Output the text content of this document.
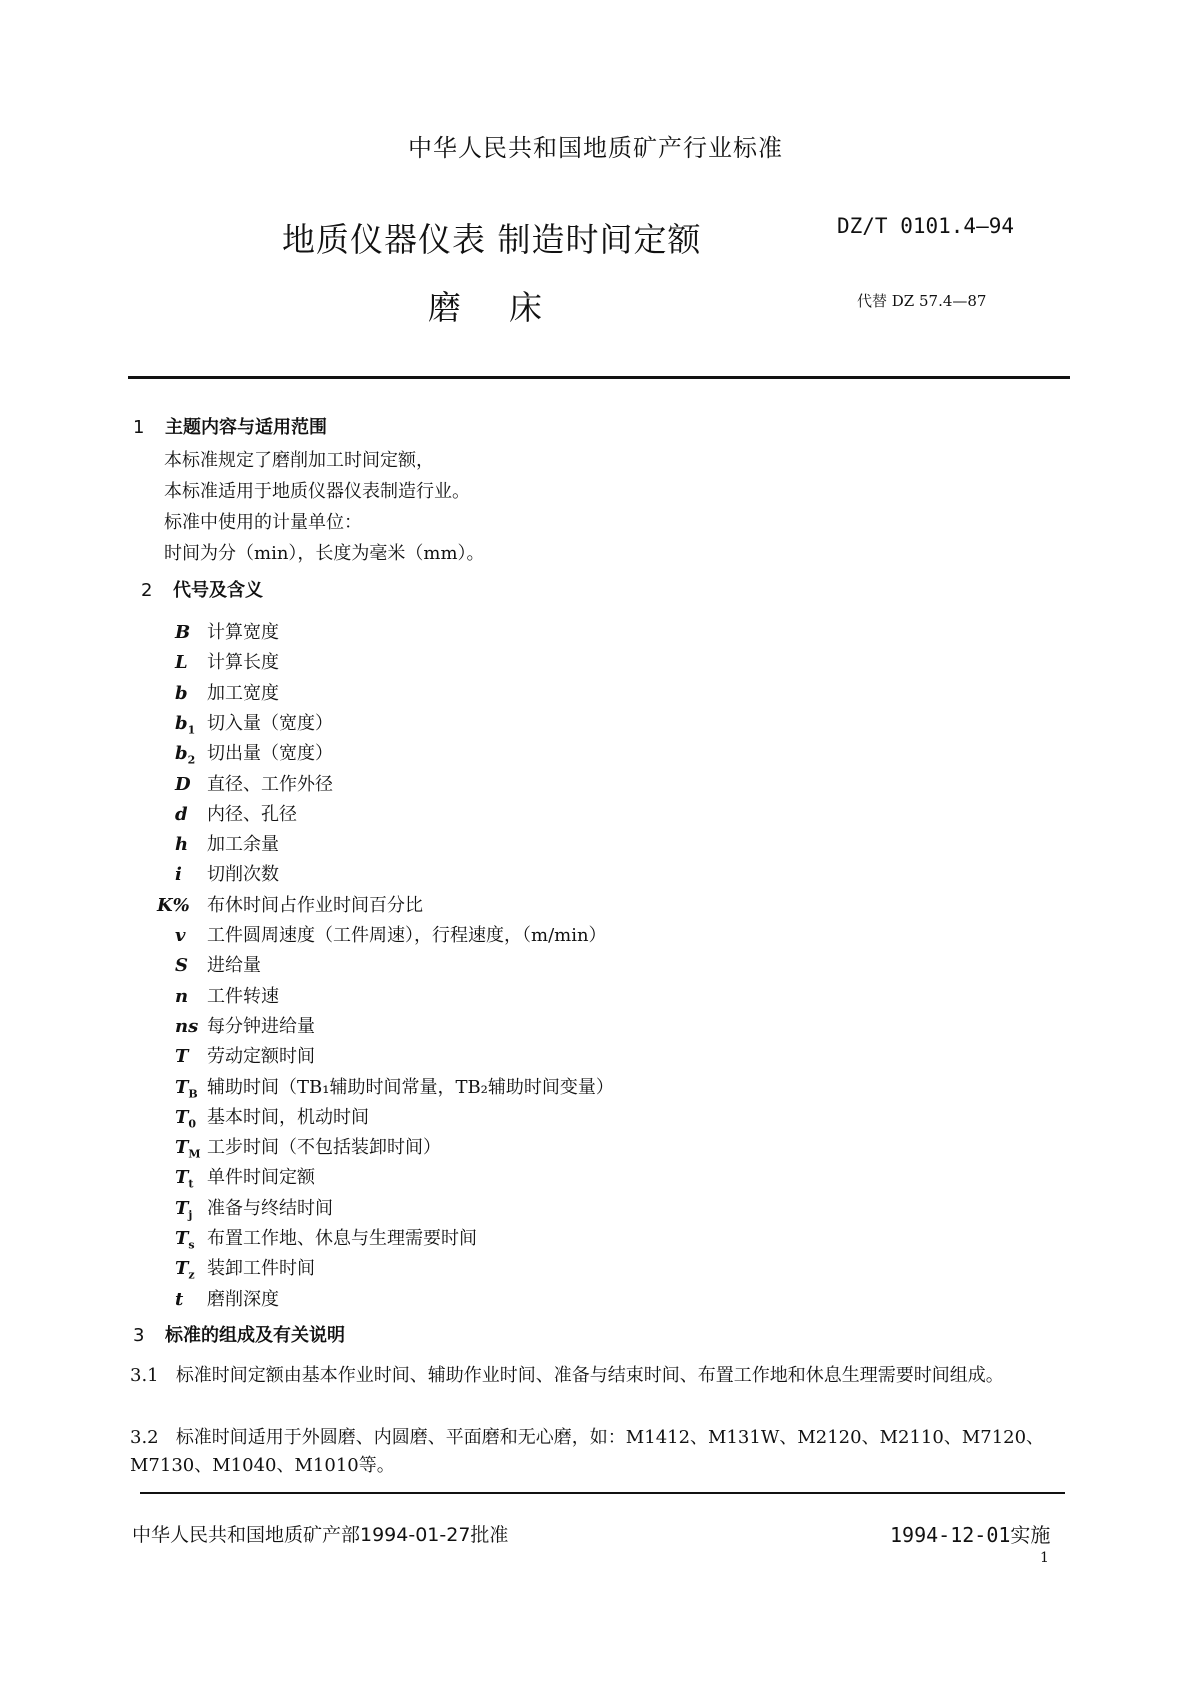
中华人民共和国地质矿产行业标准
地质仪器仪表 制造时间定额
磨床
DZ/T 0101.4—94
代替 DZ 57.4—87
1 主题内容与适用范围
本标准规定了磨削加工时间定额，
本标准适用于地质仪器仪表制造行业。
标准中使用的计量单位：
时间为分（min），长度为毫米（mm）。
2 代号及含义
B 计算宽度
L 计算长度
b 加工宽度
$b_1$ 切入量（宽度）
$b_2$ 切出量（宽度）
D 直径、工作外径
d 内径、孔径
h 加工余量
i 切削次数
K% 布休时间占作业时间百分比
v 工件圆周速度（工件周速），行程速度，（m/min）
S 进给量
n 工件转速
ns 每分钟进给量
T 劳动定额时间
$T_B$ 辅助时间（TB₁辅助时间常量，TB₂辅助时间变量）
$T_0$ 基本时间，机动时间
$T_M$ 工步时间（不包括装卸时间）
$T_t$ 单件时间定额
$T_j$ 准备与终结时间
$T_s$ 布置工作地、休息与生理需要时间
$T_z$ 装卸工件时间
t 磨削深度
3 标准的组成及有关说明
3.1 标准时间定额由基本作业时间、辅助作业时间、准备与结束时间、布置工作地和休息生理需要时间组成。
3.2 标准时间适用于外圆磨、内圆磨、平面磨和无心磨，如：M1412、M131W、M2120、M2110、M7120、M7130、M1040、M1010等。
中华人民共和国地质矿产部1994-01-27批准	1994-12-01实施
1
